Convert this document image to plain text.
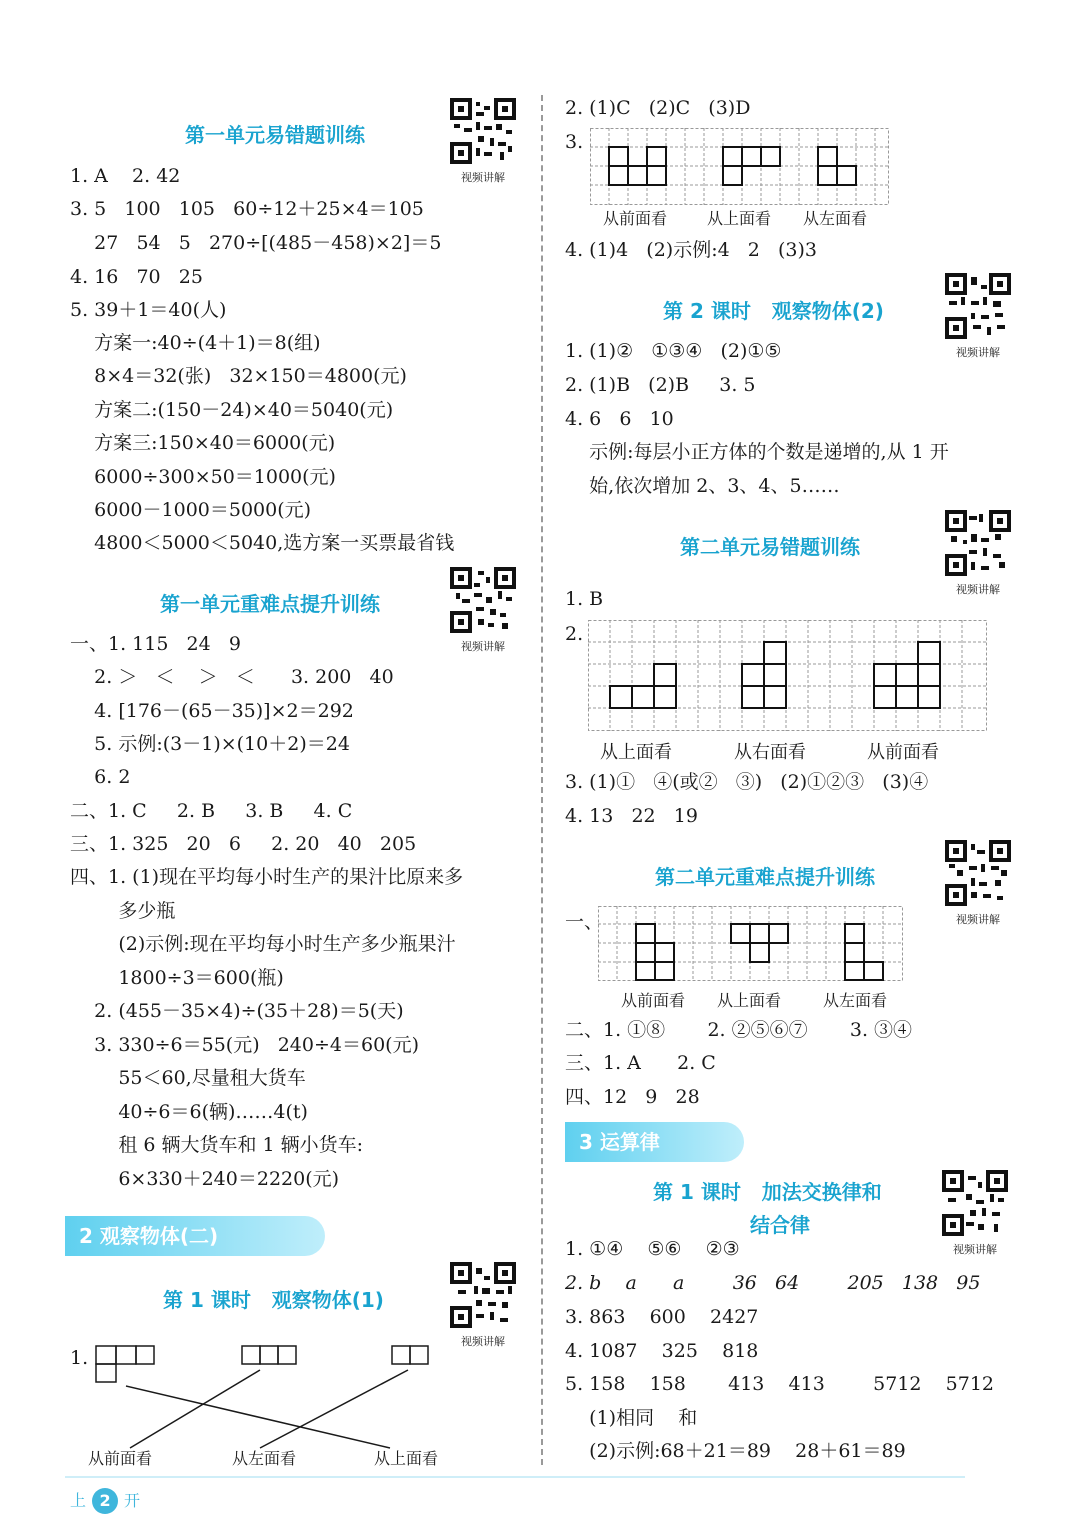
第一单元易错题训练
视频讲解
1. Α    2. 42
3. 5   100   105   60÷12＋25×4＝105
27   54   5   270÷[(485－458)×2]＝5
4. 16   70   25
5. 39＋1＝40(人)
方案一:40÷(4＋1)＝8(组)
8×4＝32(张)   32×150＝4800(元)
方案二:(150－24)×40＝5040(元)
方案三:150×40＝6000(元)
6000÷300×50＝1000(元)
6000－1000＝5000(元)
4800＜5000＜5040,选方案一买票最省钱
第一单元重难点提升训练
视频讲解
一、1. 115   24   9
2. ＞   ＜    ＞   ＜      3. 200   40
4. [176－(65－35)]×2＝292
5. 示例:(3－1)×(10＋2)＝24
6. 2
二、1. C     2. B     3. B     4. C
三、1. 325   20   6     2. 20   40   205
四、1. (1)现在平均每小时生产的果汁比原来多
多少瓶
(2)示例:现在平均每小时生产多少瓶果汁
1800÷3＝600(瓶)
2. (455－35×4)÷(35＋28)＝5(天)
3. 330÷6＝55(元)   240÷4＝60(元)
55＜60,尽量租大货车
40÷6＝6(辆)……4(t)
租 6 辆大货车和 1 辆小货车:
6×330＋240＝2220(元)
2 观察物体(二)
第 1 课时   观察物体(1)
视频讲解
1.
从前面看	从左面看	从上面看
2. (1)C   (2)C   (3)D
3.
从前面看 从上面看 从左面看
4. (1)4   (2)示例:4   2   (3)3
第 2 课时   观察物体(2)
视频讲解
1. (1)②   ①③④   (2)①⑤
2. (1)B   (2)B     3. 5
4. 6   6   10
示例:每层小正方体的个数是递增的,从 1 开
始,依次增加 2、3、4、5……
第二单元易错题训练
视频讲解
1. B
2.
从上面看	从右面看	从前面看
3. (1)①   ④(或②   ③)   (2)①②③   (3)④
4. 13   22   19
第二单元重难点提升训练
视频讲解
一、
从前面看 从上面看	从左面看
二、1. ①⑧       2. ②⑤⑥⑦       3. ③④
三、1. A      2. C
四、12   9   28
3 运算律
第 1 课时   加法交换律和
结合律
视频讲解
1. ①④    ⑤⑥    ②③
2. b    a      a        36   64        205   138   95
3. 863    600    2427
4. 1087    325    818
5. 158    158       413    413        5712    5712
(1)相同    和
(2)示例:68＋21＝89    28＋61＝89
上 2 开
